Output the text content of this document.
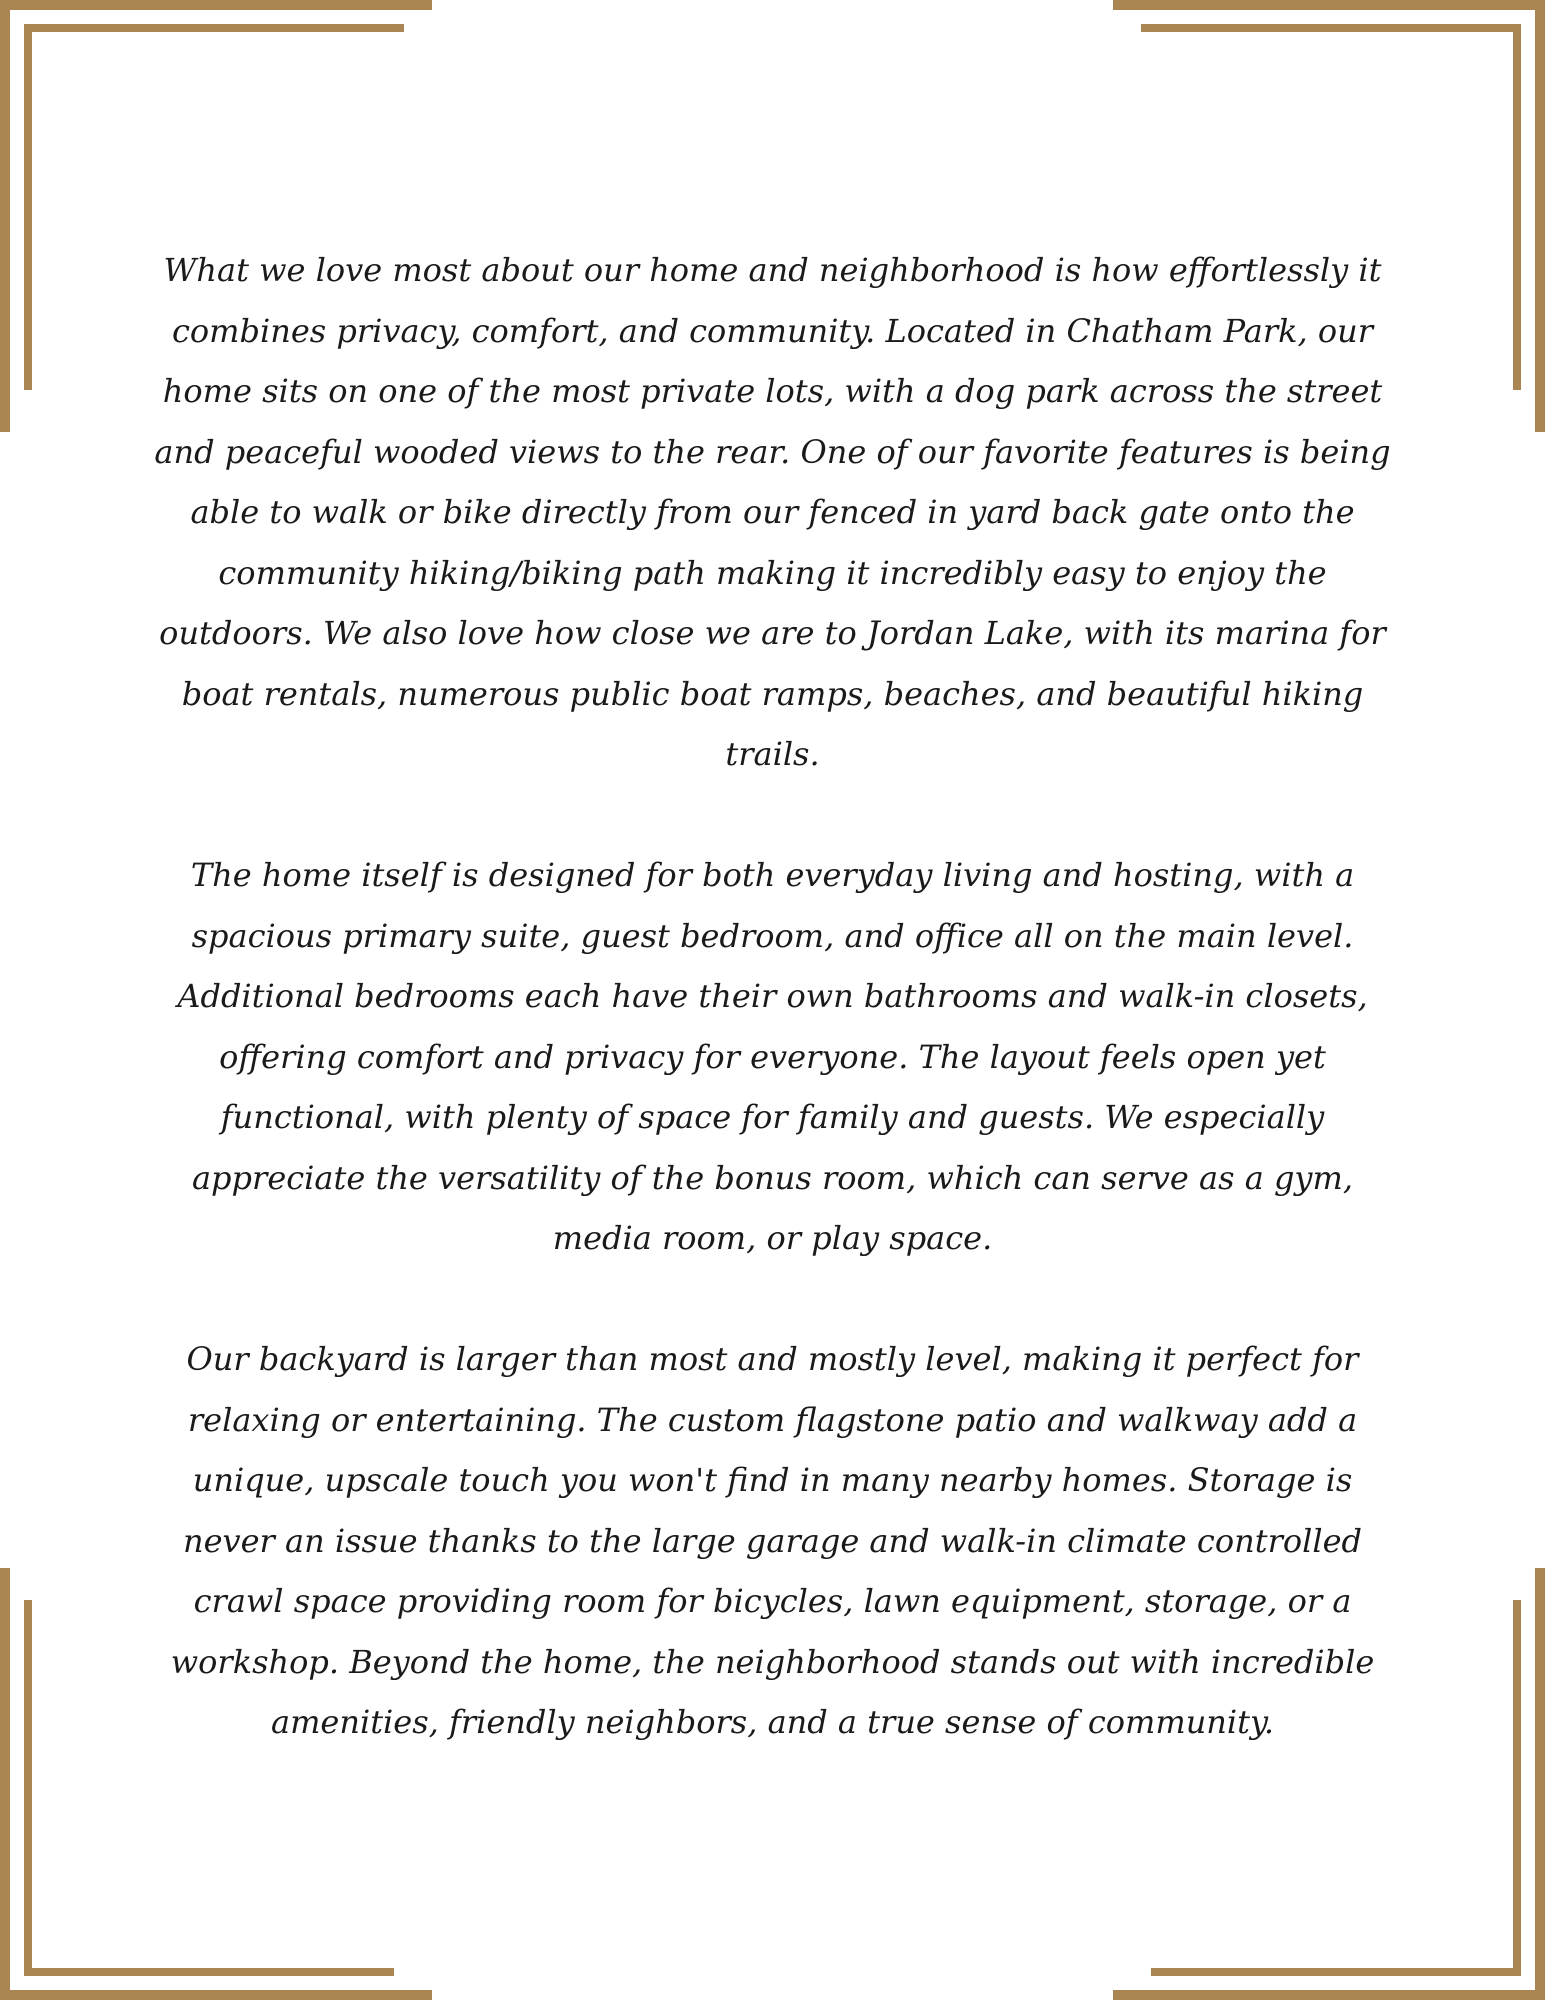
What we love most about our home and neighborhood is how effortlessly it combines privacy, comfort, and community. Located in Chatham Park, our home sits on one of the most private lots, with a dog park across the street and peaceful wooded views to the rear. One of our favorite features is being able to walk or bike directly from our fenced in yard back gate onto the community hiking/biking path making it incredibly easy to enjoy the outdoors. We also love how close we are to Jordan Lake, with its marina for boat rentals, numerous public boat ramps, beaches, and beautiful hiking trails.

The home itself is designed for both everyday living and hosting, with a spacious primary suite, guest bedroom, and office all on the main level. Additional bedrooms each have their own bathrooms and walk-in closets, offering comfort and privacy for everyone. The layout feels open yet functional, with plenty of space for family and guests. We especially appreciate the versatility of the bonus room, which can serve as a gym, media room, or play space.

Our backyard is larger than most and mostly level, making it perfect for relaxing or entertaining. The custom flagstone patio and walkway add a unique, upscale touch you won't find in many nearby homes. Storage is never an issue thanks to the large garage and walk-in climate controlled crawl space providing room for bicycles, lawn equipment, storage, or a workshop. Beyond the home, the neighborhood stands out with incredible amenities, friendly neighbors, and a true sense of community.
